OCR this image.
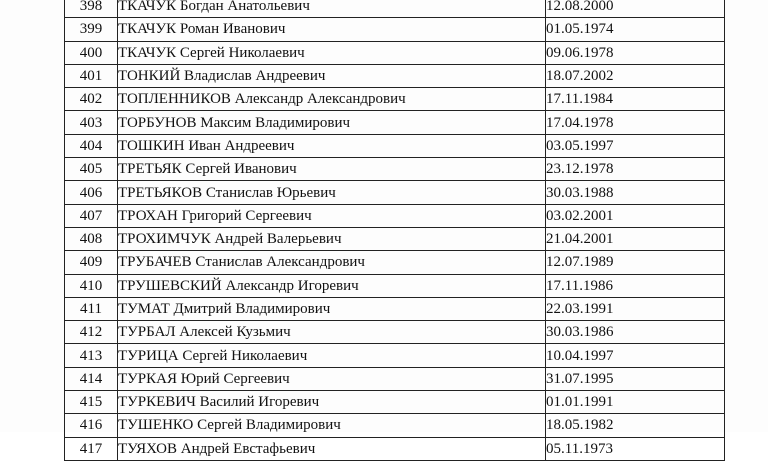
398	ТКАЧУК Богдан Анатольевич	12.08.2000
399	ТКАЧУК Роман Иванович	01.05.1974
400	ТКАЧУК Сергей Николаевич	09.06.1978
401	ТОНКИЙ Владислав Андреевич	18.07.2002
402	ТОПЛЕННИКОВ Александр Александрович	17.11.1984
403	ТОРБУНОВ Максим Владимирович	17.04.1978
404	ТОШКИН Иван Андреевич	03.05.1997
405	ТРЕТЬЯК Сергей Иванович	23.12.1978
406	ТРЕТЬЯКОВ Станислав Юрьевич	30.03.1988
407	ТРОХАН Григорий Сергеевич	03.02.2001
408	ТРОХИМЧУК Андрей Валерьевич	21.04.2001
409	ТРУБАЧЕВ Станислав Александрович	12.07.1989
410	ТРУШЕВСКИЙ Александр Игоревич	17.11.1986
411	ТУМАТ Дмитрий Владимирович	22.03.1991
412	ТУРБАЛ Алексей Кузьмич	30.03.1986
413	ТУРИЦА Сергей Николаевич	10.04.1997
414	ТУРКАЯ Юрий Сергеевич	31.07.1995
415	ТУРКЕВИЧ Василий Игоревич	01.01.1991
416	ТУШЕНКО Сергей Владимирович	18.05.1982
417	ТУЯХОВ Андрей Евстафьевич	05.11.1973
